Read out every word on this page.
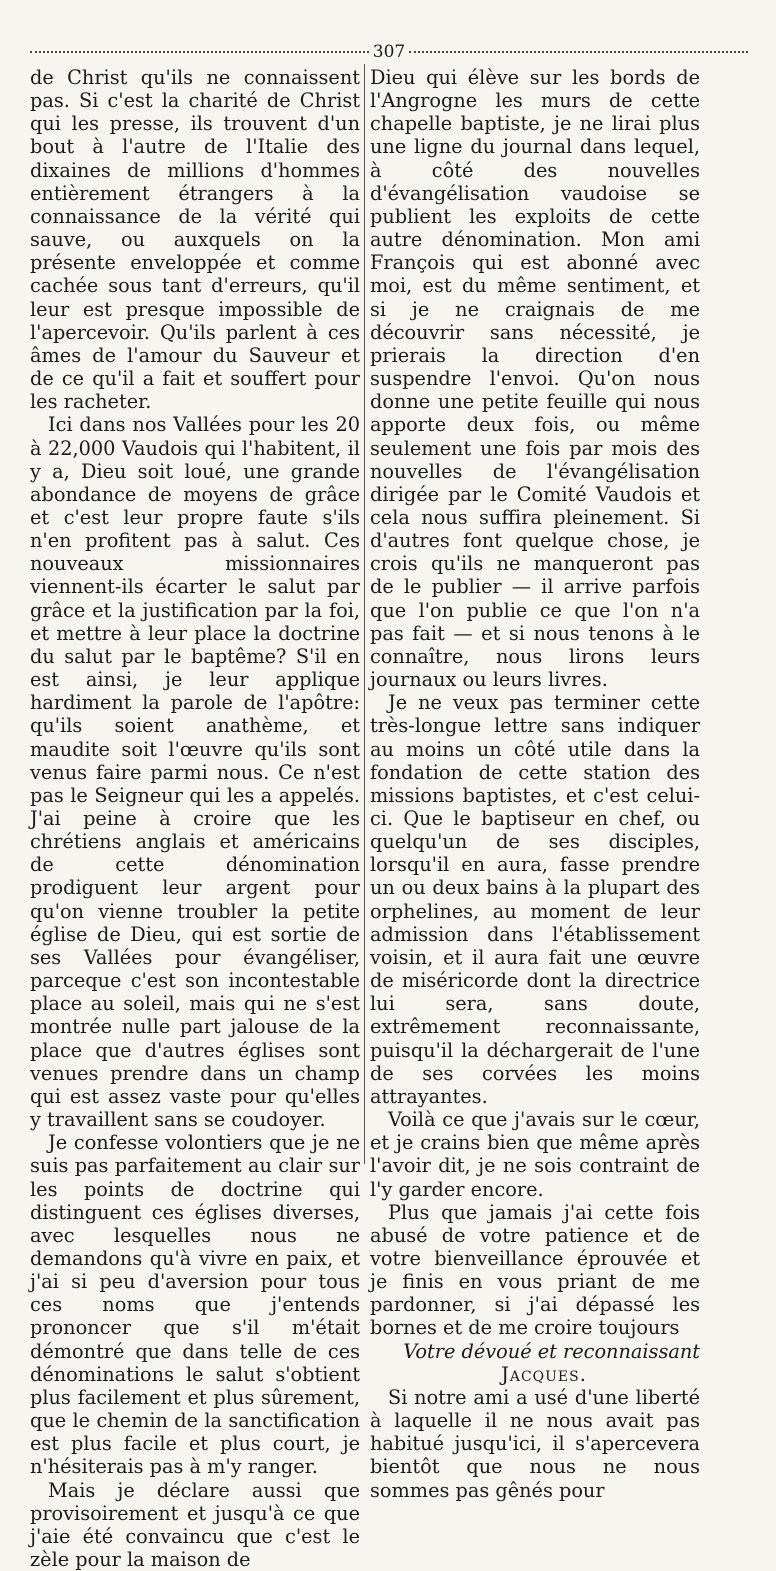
307

de Christ qu'ils ne connaissent pas. Si c'est la charité de Christ qui les presse, ils trouvent d'un bout à l'autre de l'Italie des dixaines de millions d'hommes entièrement étrangers à la connaissance de la vérité qui sauve, ou auxquels on la présente enveloppée et comme cachée sous tant d'erreurs, qu'il leur est presque impossible de l'apercevoir. Qu'ils parlent à ces âmes de l'amour du Sauveur et de ce qu'il a fait et souffert pour les racheter.

Ici dans nos Vallées pour les 20 à 22,000 Vaudois qui l'habitent, il y a, Dieu soit loué, une grande abondance de moyens de grâce et c'est leur propre faute s'ils n'en profitent pas à salut. Ces nouveaux missionnaires viennent-ils écarter le salut par grâce et la justification par la foi, et mettre à leur place la doctrine du salut par le baptême? S'il en est ainsi, je leur applique hardiment la parole de l'apôtre: qu'ils soient anathème, et maudite soit l'œuvre qu'ils sont venus faire parmi nous. Ce n'est pas le Seigneur qui les a appelés. J'ai peine à croire que les chrétiens anglais et américains de cette dénomination prodiguent leur argent pour qu'on vienne troubler la petite église de Dieu, qui est sortie de ses Vallées pour évangéliser, parceque c'est son incontestable place au soleil, mais qui ne s'est montrée nulle part jalouse de la place que d'autres églises sont venues prendre dans un champ qui est assez vaste pour qu'elles y travaillent sans se coudoyer.

Je confesse volontiers que je ne suis pas parfaitement au clair sur les points de doctrine qui distinguent ces églises diverses, avec lesquelles nous ne demandons qu'à vivre en paix, et j'ai si peu d'aversion pour tous ces noms que j'entends prononcer que s'il m'était démontré que dans telle de ces dénominations le salut s'obtient plus facilement et plus sûrement, que le chemin de la sanctification est plus facile et plus court, je n'hésiterais pas à m'y ranger.

Mais je déclare aussi que provisoirement et jusqu'à ce que j'aie été convaincu que c'est le zèle pour la maison de

Dieu qui élève sur les bords de l'Angrogne les murs de cette chapelle baptiste, je ne lirai plus une ligne du journal dans lequel, à côté des nouvelles d'évangélisation vaudoise se publient les exploits de cette autre dénomination. Mon ami François qui est abonné avec moi, est du même sentiment, et si je ne craignais de me découvrir sans nécessité, je prierais la direction d'en suspendre l'envoi. Qu'on nous donne une petite feuille qui nous apporte deux fois, ou même seulement une fois par mois des nouvelles de l'évangélisation dirigée par le Comité Vaudois et cela nous suffira pleinement. Si d'autres font quelque chose, je crois qu'ils ne manqueront pas de le publier — il arrive parfois que l'on publie ce que l'on n'a pas fait — et si nous tenons à le connaître, nous lirons leurs journaux ou leurs livres.

Je ne veux pas terminer cette très-longue lettre sans indiquer au moins un côté utile dans la fondation de cette station des missions baptistes, et c'est celui-ci. Que le baptiseur en chef, ou quelqu'un de ses disciples, lorsqu'il en aura, fasse prendre un ou deux bains à la plupart des orphelines, au moment de leur admission dans l'établissement voisin, et il aura fait une œuvre de miséricorde dont la directrice lui sera, sans doute, extrêmement reconnaissante, puisqu'il la déchargerait de l'une de ses corvées les moins attrayantes.

Voilà ce que j'avais sur le cœur, et je crains bien que même après l'avoir dit, je ne sois contraint de l'y garder encore.

Plus que jamais j'ai cette fois abusé de votre patience et de votre bienveillance éprouvée et je finis en vous priant de me pardonner, si j'ai dépassé les bornes et de me croire toujours

Votre dévoué et reconnaissant

Jacques.

Si notre ami a usé d'une liberté à laquelle il ne nous avait pas habitué jusqu'ici, il s'apercevera bientôt que nous ne nous sommes pas gênés pour
